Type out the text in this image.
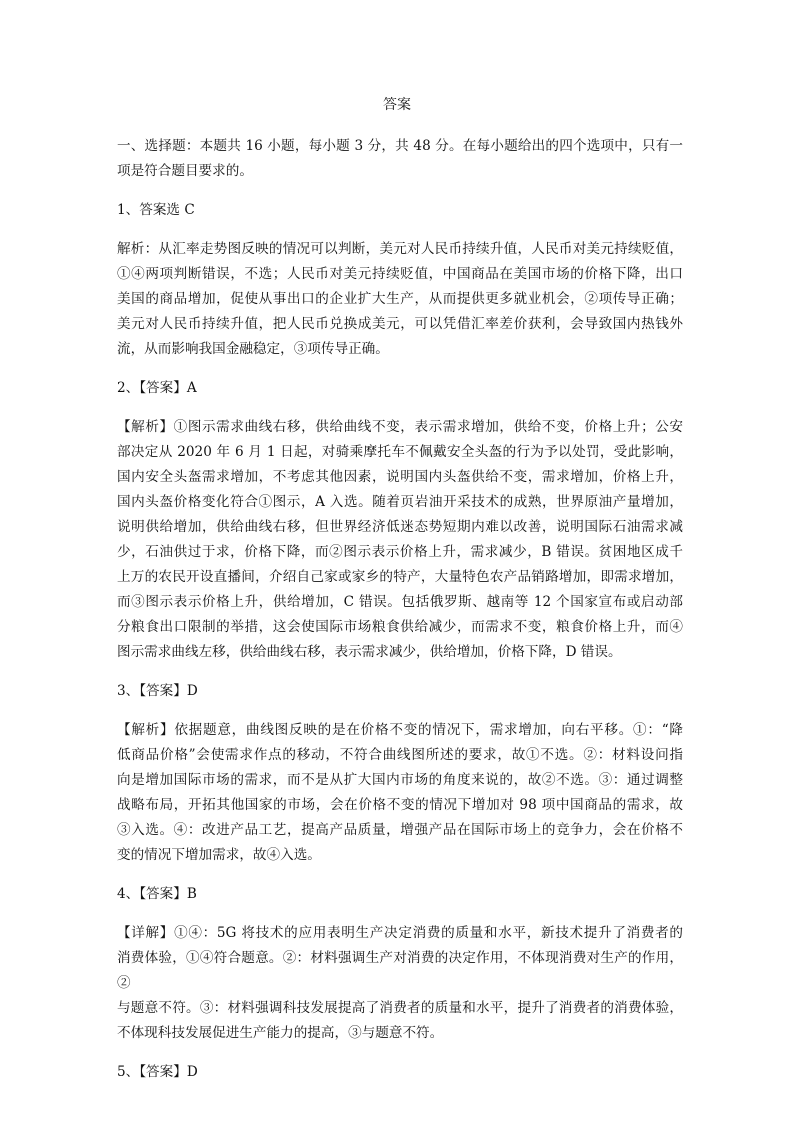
答案
一、选择题：本题共 16 小题，每小题 3 分，共 48 分。在每小题给出的四个选项中，只有一
项是符合题目要求的。
1、答案选 C
解析：从汇率走势图反映的情况可以判断，美元对人民币持续升值，人民币对美元持续贬值，
①④两项判断错误，不选；人民币对美元持续贬值，中国商品在美国市场的价格下降，出口
美国的商品增加，促使从事出口的企业扩大生产，从而提供更多就业机会，②项传导正确；
美元对人民币持续升值，把人民币兑换成美元，可以凭借汇率差价获利，会导致国内热钱外
流，从而影响我国金融稳定，③项传导正确。
2、【答案】A
【解析】①图示需求曲线右移，供给曲线不变，表示需求增加，供给不变，价格上升；公安
部决定从 2020 年 6 月 1 日起，对骑乘摩托车不佩戴安全头盔的行为予以处罚，受此影响，
国内安全头盔需求增加，不考虑其他因素，说明国内头盔供给不变，需求增加，价格上升，
国内头盔价格变化符合①图示，A 入选。随着页岩油开采技术的成熟，世界原油产量增加，
说明供给增加，供给曲线右移，但世界经济低迷态势短期内难以改善，说明国际石油需求减
少，石油供过于求，价格下降，而②图示表示价格上升，需求减少，B 错误。贫困地区成千
上万的农民开设直播间，介绍自己家或家乡的特产，大量特色农产品销路增加，即需求增加，
而③图示表示价格上升，供给增加，C 错误。包括俄罗斯、越南等 12 个国家宣布或启动部
分粮食出口限制的举措，这会使国际市场粮食供给减少，而需求不变，粮食价格上升，而④
图示需求曲线左移，供给曲线右移，表示需求减少，供给增加，价格下降，D 错误。
3、【答案】D
【解析】依据题意，曲线图反映的是在价格不变的情况下，需求增加，向右平移。①：“降
低商品价格”会使需求作点的移动，不符合曲线图所述的要求，故①不选。②：材料设问指
向是增加国际市场的需求，而不是从扩大国内市场的角度来说的，故②不选。③：通过调整
战略布局，开拓其他国家的市场，会在价格不变的情况下增加对 98 项中国商品的需求，故
③入选。④：改进产品工艺，提高产品质量，增强产品在国际市场上的竞争力，会在价格不
变的情况下增加需求，故④入选。
4、【答案】B
【详解】①④：5G 将技术的应用表明生产决定消费的质量和水平，新技术提升了消费者的
消费体验，①④符合题意。②：材料强调生产对消费的决定作用，不体现消费对生产的作用，②
与题意不符。③：材料强调科技发展提高了消费者的质量和水平，提升了消费者的消费体验，
不体现科技发展促进生产能力的提高，③与题意不符。
5、【答案】D
